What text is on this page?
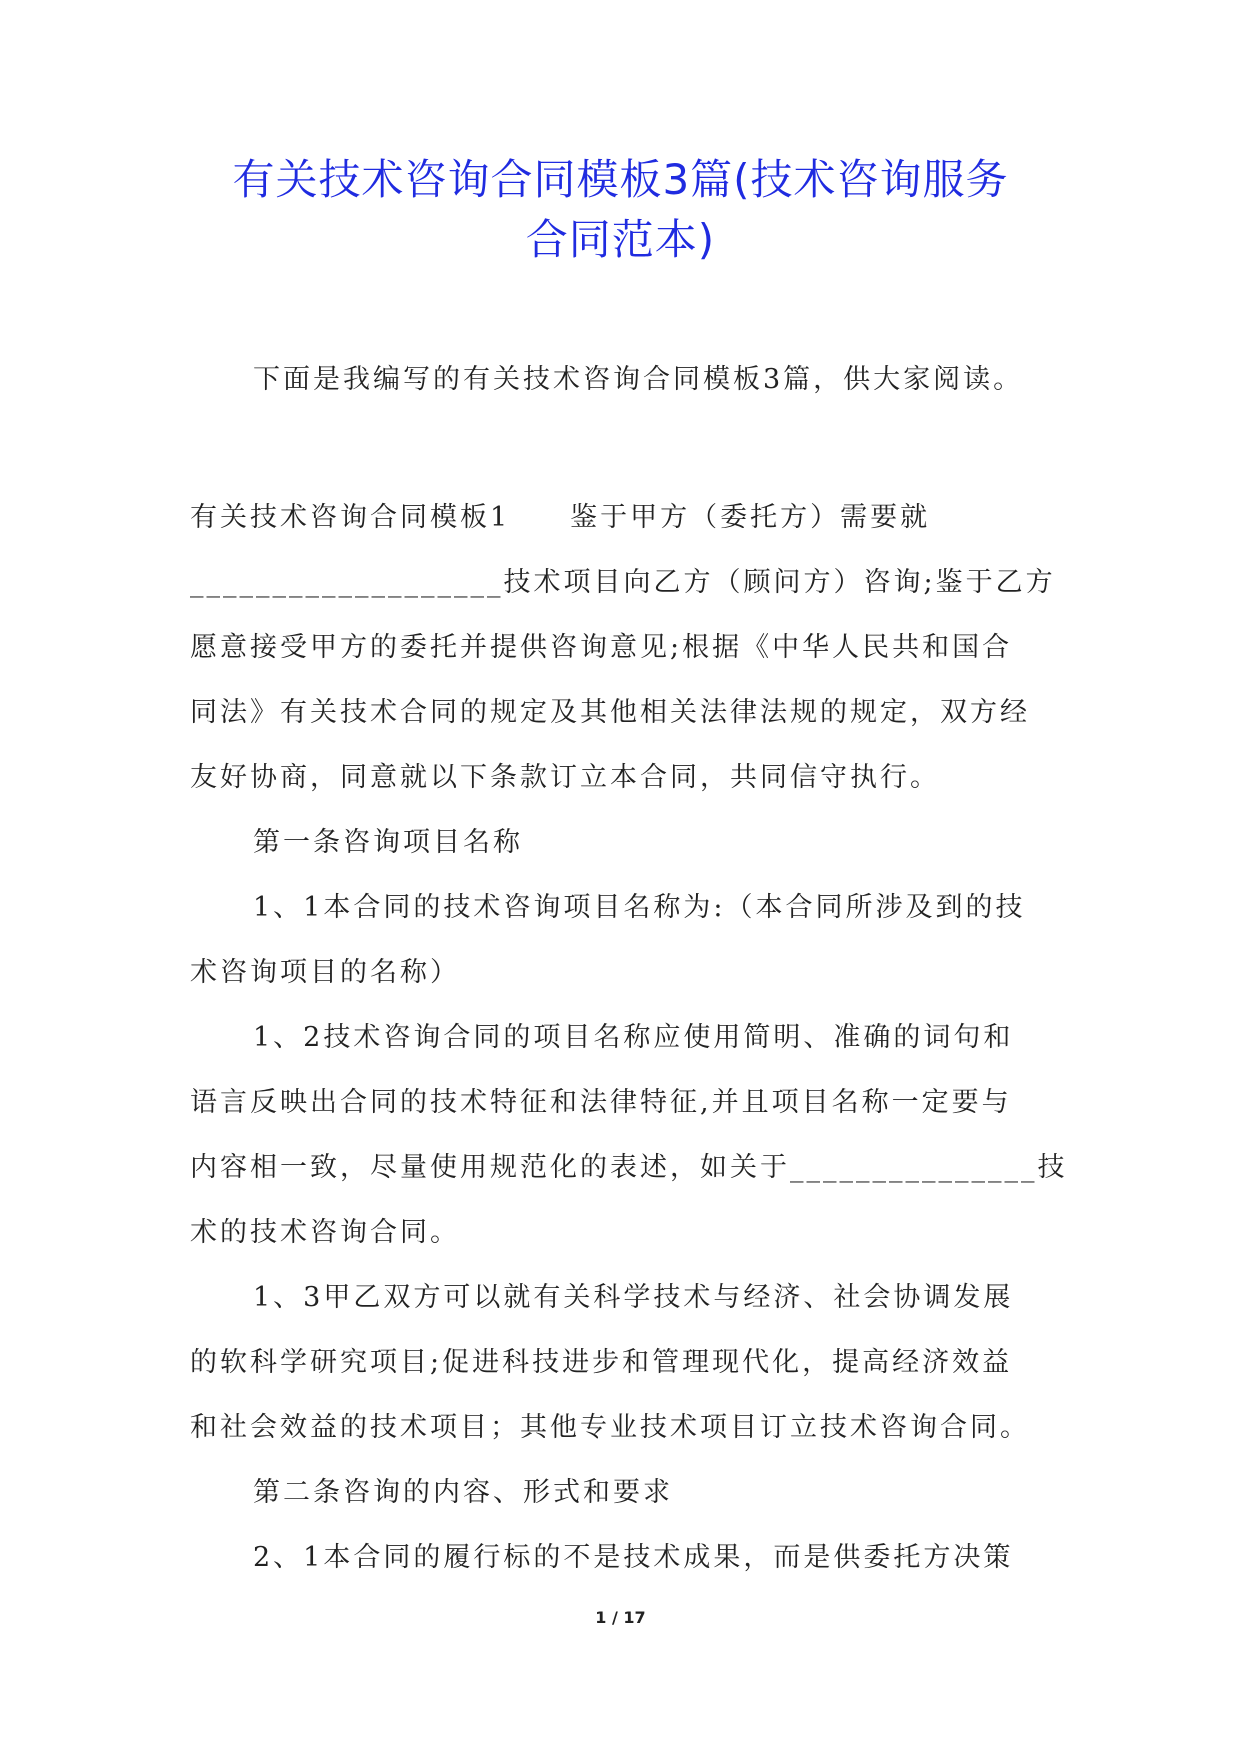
有关技术咨询合同模板3篇(技术咨询服务
合同范本)
下面是我编写的有关技术咨询合同模板3篇，供大家阅读。
有关技术咨询合同模板1　　鉴于甲方（委托方）需要就
___________________技术项目向乙方（顾问方）咨询;鉴于乙方
愿意接受甲方的委托并提供咨询意见;根据《中华人民共和国合
同法》有关技术合同的规定及其他相关法律法规的规定，双方经
友好协商，同意就以下条款订立本合同，共同信守执行。
第一条咨询项目名称
1、1本合同的技术咨询项目名称为:（本合同所涉及到的技
术咨询项目的名称）
1、2技术咨询合同的项目名称应使用简明、准确的词句和
语言反映出合同的技术特征和法律特征,并且项目名称一定要与
内容相一致，尽量使用规范化的表述，如关于_______________技
术的技术咨询合同。
1、3甲乙双方可以就有关科学技术与经济、社会协调发展
的软科学研究项目;促进科技进步和管理现代化，提高经济效益
和社会效益的技术项目；其他专业技术项目订立技术咨询合同。
第二条咨询的内容、形式和要求
2、1本合同的履行标的不是技术成果，而是供委托方决策
1 / 17
